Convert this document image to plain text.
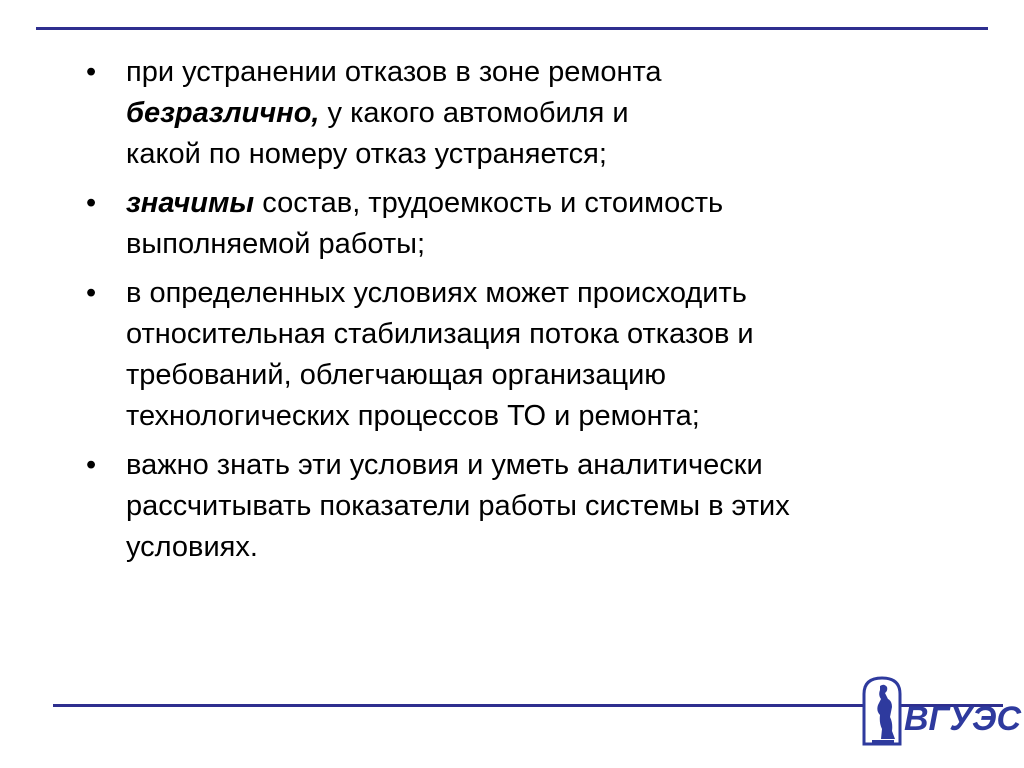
• при устранении отказов в зоне ремонта
безразлично, у какого автомобиля и
какой по номеру отказ устраняется;
• значимы состав, трудоемкость и стоимость
выполняемой работы;
• в определенных условиях может происходить
относительная стабилизация потока отказов и
требований, облегчающая организацию
технологических процессов ТО и ремонта;
• важно знать эти условия и уметь аналитически
рассчитывать показатели работы системы в этих
условиях.
ВГУЭС
